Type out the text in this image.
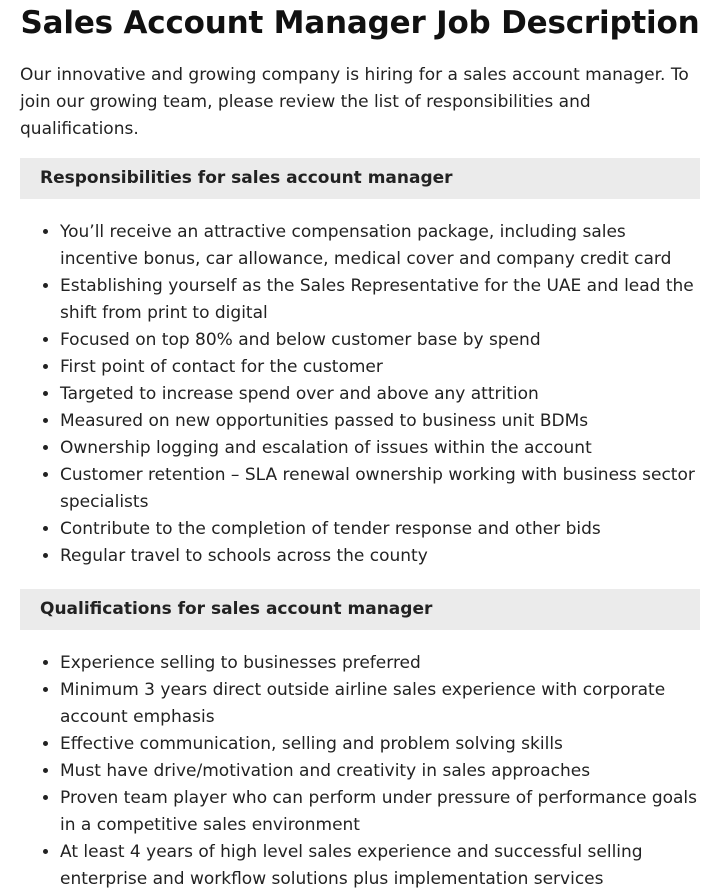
Sales Account Manager Job Description

Our innovative and growing company is hiring for a sales account manager. To join our growing team, please review the list of responsibilities and qualifications.

Responsibilities for sales account manager
• You’ll receive an attractive compensation package, including sales incentive bonus, car allowance, medical cover and company credit card
• Establishing yourself as the Sales Representative for the UAE and lead the shift from print to digital
• Focused on top 80% and below customer base by spend
• First point of contact for the customer
• Targeted to increase spend over and above any attrition
• Measured on new opportunities passed to business unit BDMs
• Ownership logging and escalation of issues within the account
• Customer retention – SLA renewal ownership working with business sector specialists
• Contribute to the completion of tender response and other bids
• Regular travel to schools across the county
Qualifications for sales account manager
• Experience selling to businesses preferred
• Minimum 3 years direct outside airline sales experience with corporate account emphasis
• Effective communication, selling and problem solving skills
• Must have drive/motivation and creativity in sales approaches
• Proven team player who can perform under pressure of performance goals in a competitive sales environment
• At least 4 years of high level sales experience and successful selling enterprise and workflow solutions plus implementation services
